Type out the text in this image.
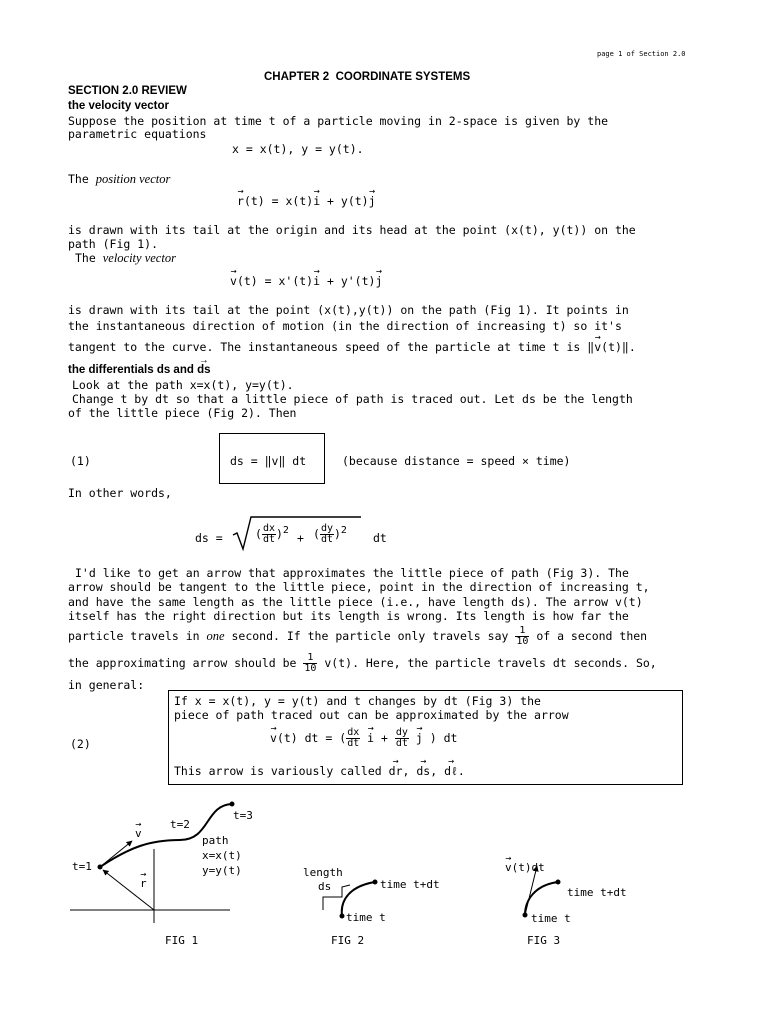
page 1 of Section 2.0
CHAPTER 2  COORDINATE SYSTEMS
SECTION 2.0 REVIEW
the velocity vector
Suppose the position at time t of a particle moving in 2-space is given by the
parametric equations
x = x(t), y = y(t).
The position vector
→ r(t) = x(t)→ i + y(t)→ j
is drawn with its tail at the origin and its head at the point (x(t), y(t)) on the
path (Fig 1).
The velocity vector
→ v(t) = x'(t)→ i + y'(t)→ j
is drawn with its tail at the point (x(t),y(t)) on the path (Fig 1). It points in
the instantaneous direction of motion (in the direction of increasing t) so it's
tangent to the curve. The instantaneous speed of the particle at time t is ‖→ v(t)‖.
the differentials ds and → ds
Look at the path x=x(t), y=y(t).
Change t by dt so that a little piece of path is traced out. Let ds be the length
of the little piece (Fig 2). Then
(1)	ds = ‖v‖ dt	(because distance = speed × time)
In other words,
ds =	( $\frac{dx}{dt} )^2$
+ ( $\frac{dy}{dt} )^2$
dt
I'd like to get an arrow that approximates the little piece of path (Fig 3). The
arrow should be tangent to the little piece, point in the direction of increasing t,
and have the same length as the little piece (i.e., have length ds). The arrow v(t)
itself has the right direction but its length is wrong. Its length is how far the
particle travels in one second. If the particle only travels say $\frac{1}{10}$ of a second then
the approximating arrow should be $\frac{1}{10} v(t)$. Here, the particle travels dt seconds. So,
in general:
(2)
If x = x(t), y = y(t) and t changes by dt (Fig 3) the
piece of path traced out can be approximated by the arrow
→ v(t) dt = ( $\frac{dx}{dt}$
→ $i + \frac{dy}{dt}$
→ j ) dt
This arrow is variously called → dr, → ds, → dℓ.
t=1
t=2
t=3
→ v
→ r
path
x=x(t)
y=y(t)
FIG 1
length
ds	time t+dt
time t
FIG 2
→ v(t)dt
time t+dt
time t
FIG 3
